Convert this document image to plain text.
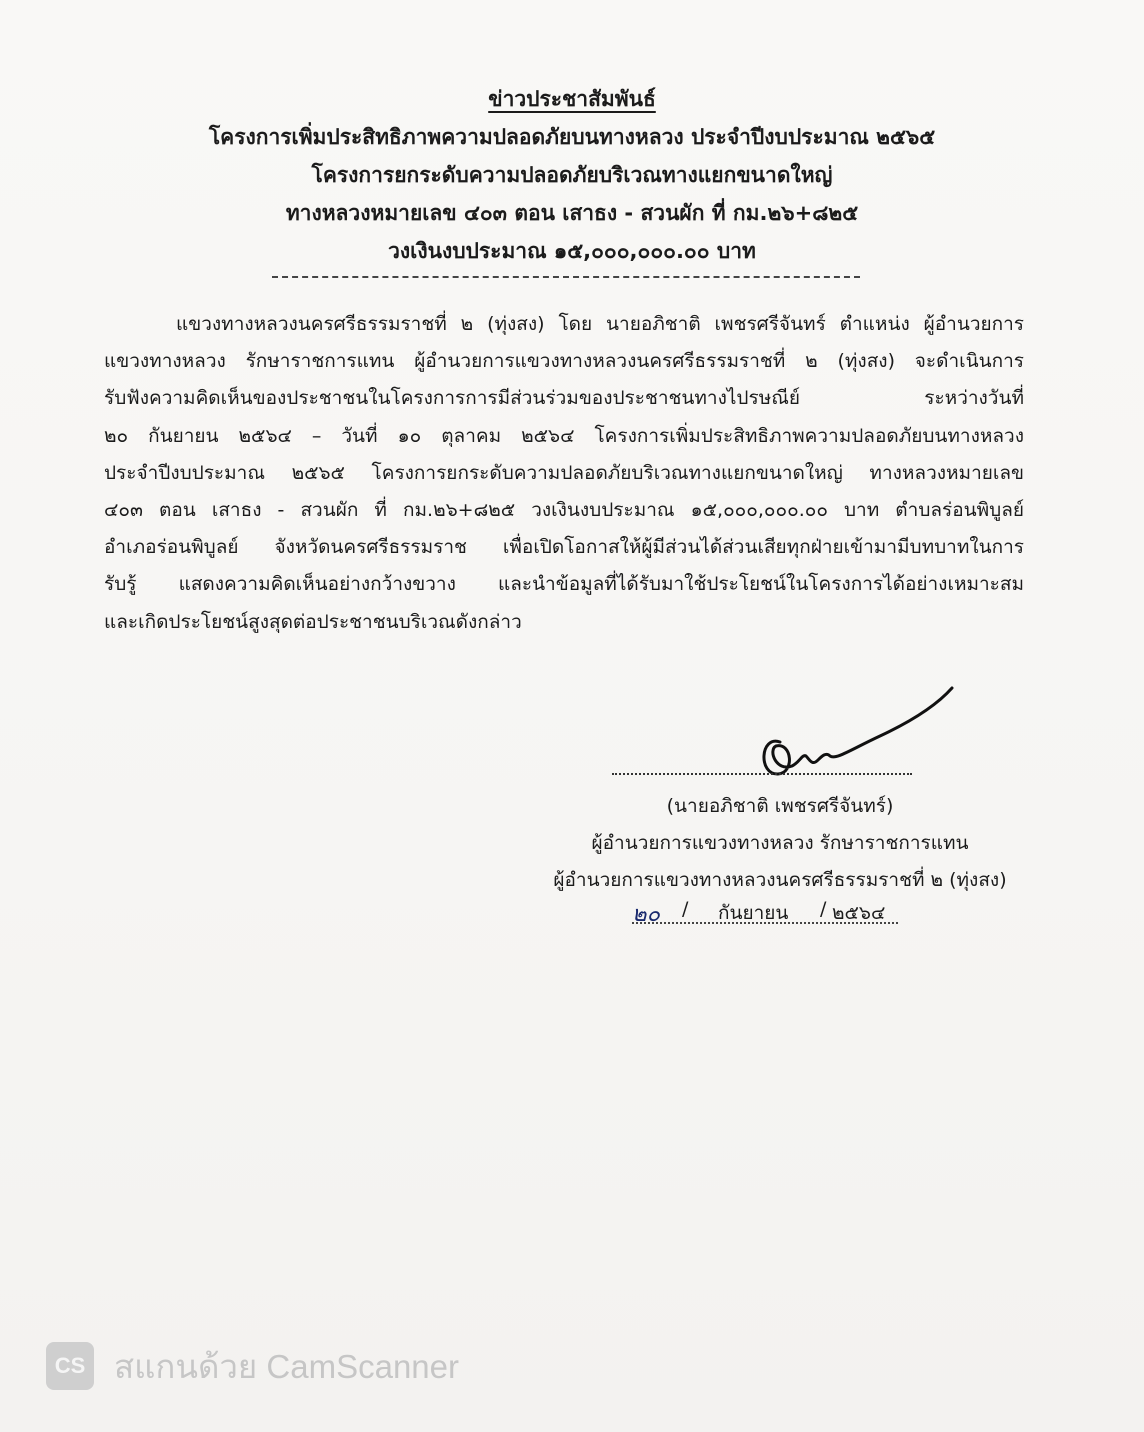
ข่าวประชาสัมพันธ์
โครงการเพิ่มประสิทธิภาพความปลอดภัยบนทางหลวง ประจำปีงบประมาณ ๒๕๖๕
โครงการยกระดับความปลอดภัยบริเวณทางแยกขนาดใหญ่
ทางหลวงหมายเลข ๔๐๓ ตอน เสาธง - สวนผัก ที่ กม.๒๖+๘๒๕
วงเงินงบประมาณ ๑๕,๐๐๐,๐๐๐.๐๐ บาท
แขวงทางหลวงนครศรีธรรมราชที่ ๒ (ทุ่งสง) โดย นายอภิชาติ เพชรศรีจันทร์ ตำแหน่ง ผู้อำนวยการ
แขวงทางหลวง รักษาราชการแทน ผู้อำนวยการแขวงทางหลวงนครศรีธรรมราชที่ ๒ (ทุ่งสง) จะดำเนินการ
รับฟังความคิดเห็นของประชาชนในโครงการการมีส่วนร่วมของประชาชนทางไปรษณีย์ ระหว่างวันที่
๒๐ กันยายน ๒๕๖๔ – วันที่ ๑๐ ตุลาคม ๒๕๖๔ โครงการเพิ่มประสิทธิภาพความปลอดภัยบนทางหลวง
ประจำปีงบประมาณ ๒๕๖๕ โครงการยกระดับความปลอดภัยบริเวณทางแยกขนาดใหญ่ ทางหลวงหมายเลข
๔๐๓ ตอน เสาธง - สวนผัก ที่ กม.๒๖+๘๒๕ วงเงินงบประมาณ ๑๕,๐๐๐,๐๐๐.๐๐ บาท ตำบลร่อนพิบูลย์
อำเภอร่อนพิบูลย์ จังหวัดนครศรีธรรมราช เพื่อเปิดโอกาสให้ผู้มีส่วนได้ส่วนเสียทุกฝ่ายเข้ามามีบทบาทในการ
รับรู้ แสดงความคิดเห็นอย่างกว้างขวาง และนำข้อมูลที่ได้รับมาใช้ประโยชน์ในโครงการได้อย่างเหมาะสม
และเกิดประโยชน์สูงสุดต่อประชาชนบริเวณดังกล่าว
(นายอภิชาติ เพชรศรีจันทร์)
ผู้อำนวยการแขวงทางหลวง รักษาราชการแทน
ผู้อำนวยการแขวงทางหลวงนครศรีธรรมราชที่ ๒ (ทุ่งสง)
๒๐ / กันยายน / ๒๕๖๔
CS สแกนด้วย CamScanner
